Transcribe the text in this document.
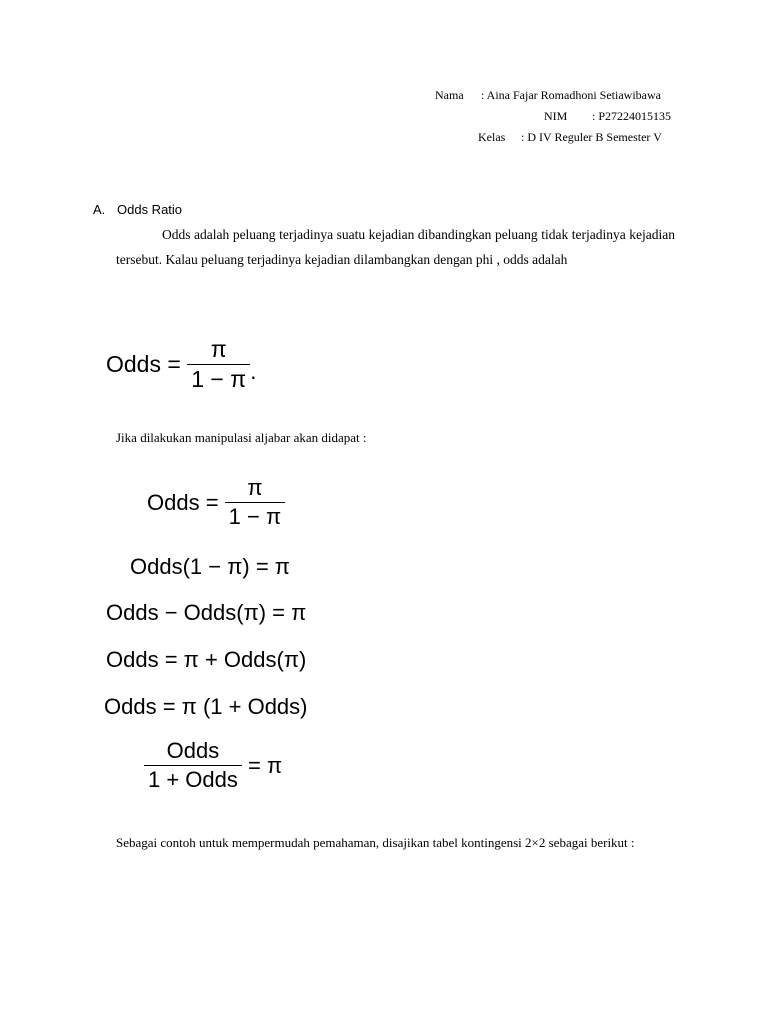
Nama : Aina Fajar Romadhoni Setiawibawa
NIM : P27224015135
Kelas : D IV Reguler B Semester V
A. Odds Ratio
Odds adalah peluang terjadinya suatu kejadian dibandingkan peluang tidak terjadinya kejadian tersebut. Kalau peluang terjadinya kejadian dilambangkan dengan phi , odds adalah
Odds = $\frac{\pi}{1 - \pi}$ .
Jika dilakukan manipulasi aljabar akan didapat :
Odds = $\frac{\pi}{1 - \pi}$
Odds(1 − π) = π
Odds − Odds(π) = π
Odds = π + Odds(π)
Odds = π (1 + Odds)
$\frac{\text{Odds}}{\text{1 + Odds}} = \pi$
Sebagai contoh untuk mempermudah pemahaman, disajikan tabel kontingensi 2×2 sebagai berikut :
